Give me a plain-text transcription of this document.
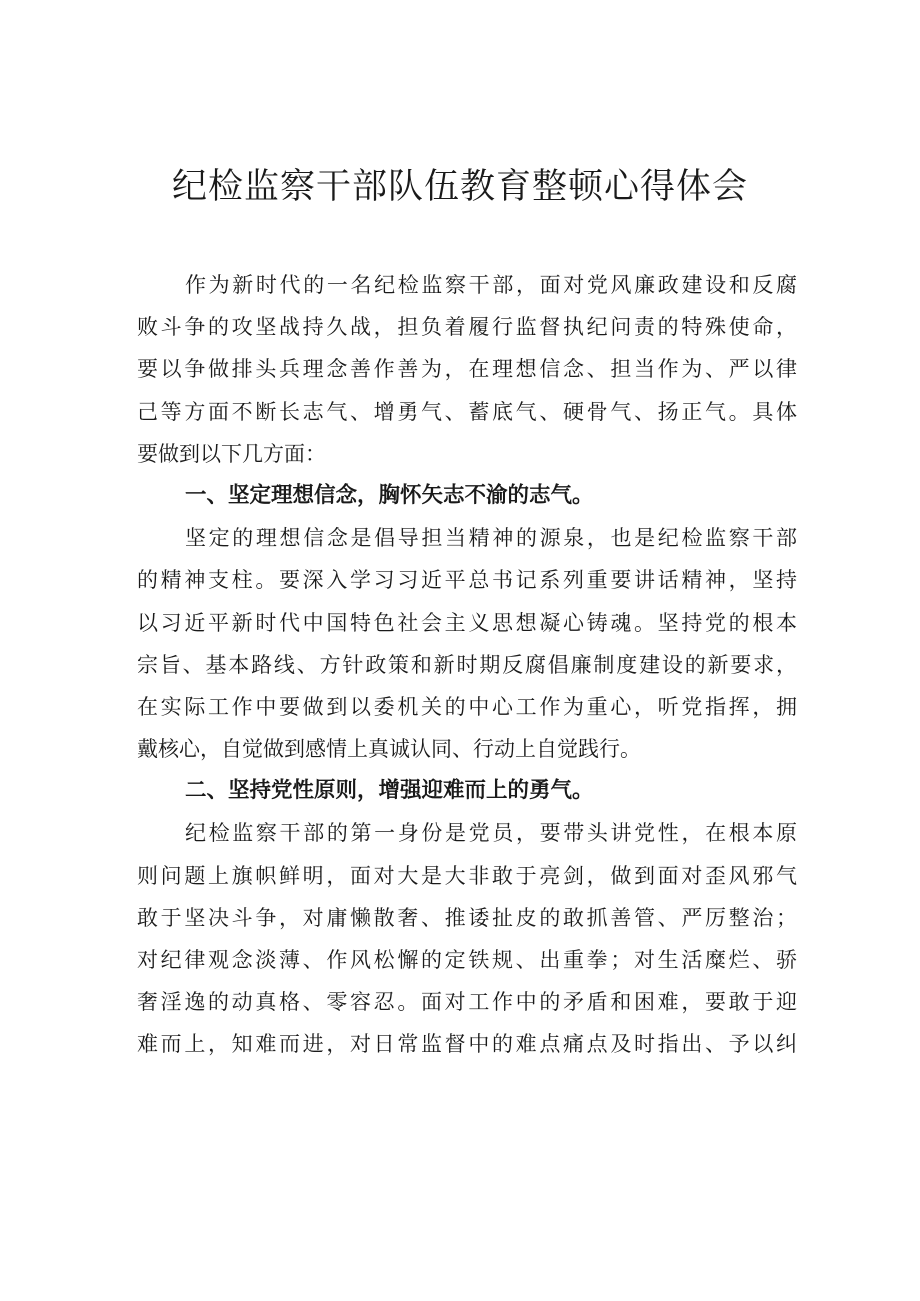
纪检监察干部队伍教育整顿心得体会
作为新时代的一名纪检监察干部，面对党风廉政建设和反腐
败斗争的攻坚战持久战，担负着履行监督执纪问责的特殊使命，
要以争做排头兵理念善作善为，在理想信念、担当作为、严以律
己等方面不断长志气、增勇气、蓄底气、硬骨气、扬正气。具体
要做到以下几方面：
一、坚定理想信念，胸怀矢志不渝的志气。
坚定的理想信念是倡导担当精神的源泉，也是纪检监察干部
的精神支柱。要深入学习习近平总书记系列重要讲话精神，坚持
以习近平新时代中国特色社会主义思想凝心铸魂。坚持党的根本
宗旨、基本路线、方针政策和新时期反腐倡廉制度建设的新要求，
在实际工作中要做到以委机关的中心工作为重心，听党指挥，拥
戴核心，自觉做到感情上真诚认同、行动上自觉践行。
二、坚持党性原则，增强迎难而上的勇气。
纪检监察干部的第一身份是党员，要带头讲党性，在根本原
则问题上旗帜鲜明，面对大是大非敢于亮剑，做到面对歪风邪气
敢于坚决斗争，对庸懒散奢、推诿扯皮的敢抓善管、严厉整治；
对纪律观念淡薄、作风松懈的定铁规、出重拳；对生活糜烂、骄
奢淫逸的动真格、零容忍。面对工作中的矛盾和困难，要敢于迎
难而上，知难而进，对日常监督中的难点痛点及时指出、予以纠
